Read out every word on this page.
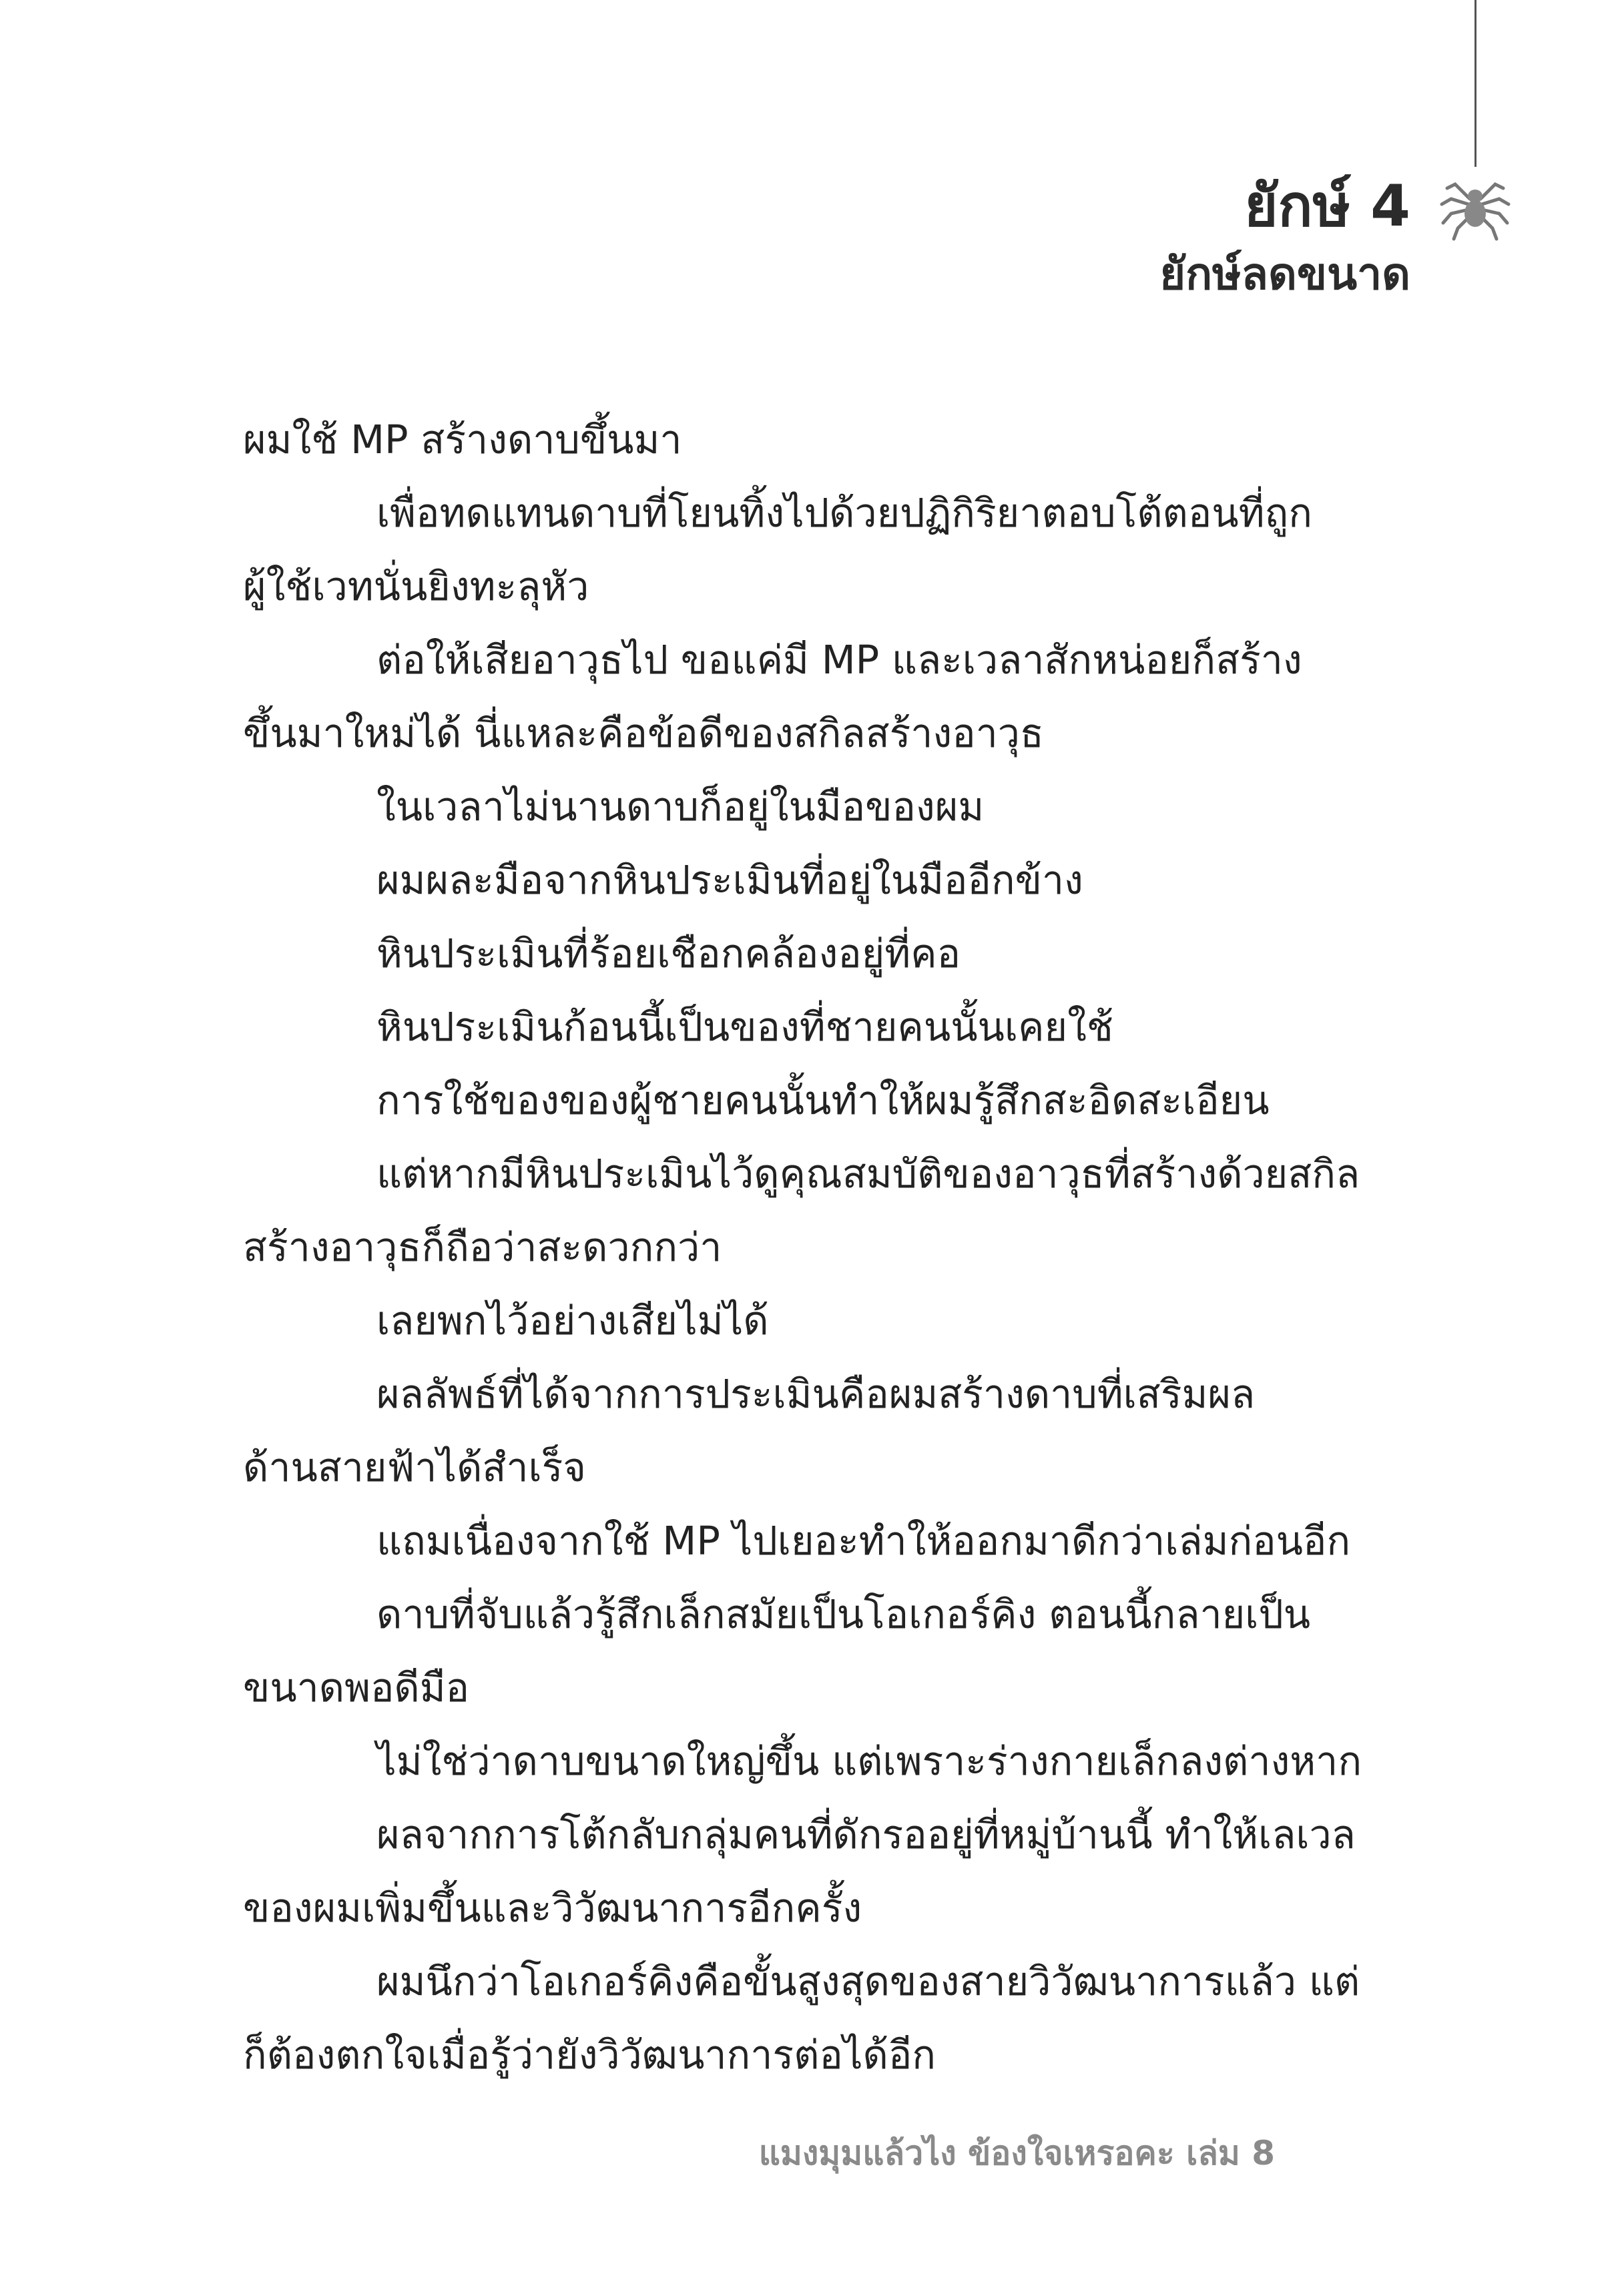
ยักษ์ 4
ยักษ์ลดขนาด
ผมใช้ MP สร้างดาบขึ้นมา
เพื่อทดแทนดาบที่โยนทิ้งไปด้วยปฏิกิริยาตอบโต้ตอนที่ถูก
ผู้ใช้เวทนั่นยิงทะลุหัว
ต่อให้เสียอาวุธไป ขอแค่มี MP และเวลาสักหน่อยก็สร้าง
ขึ้นมาใหม่ได้ นี่แหละคือข้อดีของสกิลสร้างอาวุธ
ในเวลาไม่นานดาบก็อยู่ในมือของผม
ผมผละมือจากหินประเมินที่อยู่ในมืออีกข้าง
หินประเมินที่ร้อยเชือกคล้องอยู่ที่คอ
หินประเมินก้อนนี้เป็นของที่ชายคนนั้นเคยใช้
การใช้ของของผู้ชายคนนั้นทำให้ผมรู้สึกสะอิดสะเอียน
แต่หากมีหินประเมินไว้ดูคุณสมบัติของอาวุธที่สร้างด้วยสกิล
สร้างอาวุธก็ถือว่าสะดวกกว่า
เลยพกไว้อย่างเสียไม่ได้
ผลลัพธ์ที่ได้จากการประเมินคือผมสร้างดาบที่เสริมผล
ด้านสายฟ้าได้สำเร็จ
แถมเนื่องจากใช้ MP ไปเยอะทำให้ออกมาดีกว่าเล่มก่อนอีก
ดาบที่จับแล้วรู้สึกเล็กสมัยเป็นโอเกอร์คิง ตอนนี้กลายเป็น
ขนาดพอดีมือ
ไม่ใช่ว่าดาบขนาดใหญ่ขึ้น แต่เพราะร่างกายเล็กลงต่างหาก
ผลจากการโต้กลับกลุ่มคนที่ดักรออยู่ที่หมู่บ้านนี้ ทำให้เลเวล
ของผมเพิ่มขึ้นและวิวัฒนาการอีกครั้ง
ผมนึกว่าโอเกอร์คิงคือขั้นสูงสุดของสายวิวัฒนาการแล้ว แต่
ก็ต้องตกใจเมื่อรู้ว่ายังวิวัฒนาการต่อได้อีก
แมงมุมแล้วไง ข้องใจเหรอคะ เล่ม 8
